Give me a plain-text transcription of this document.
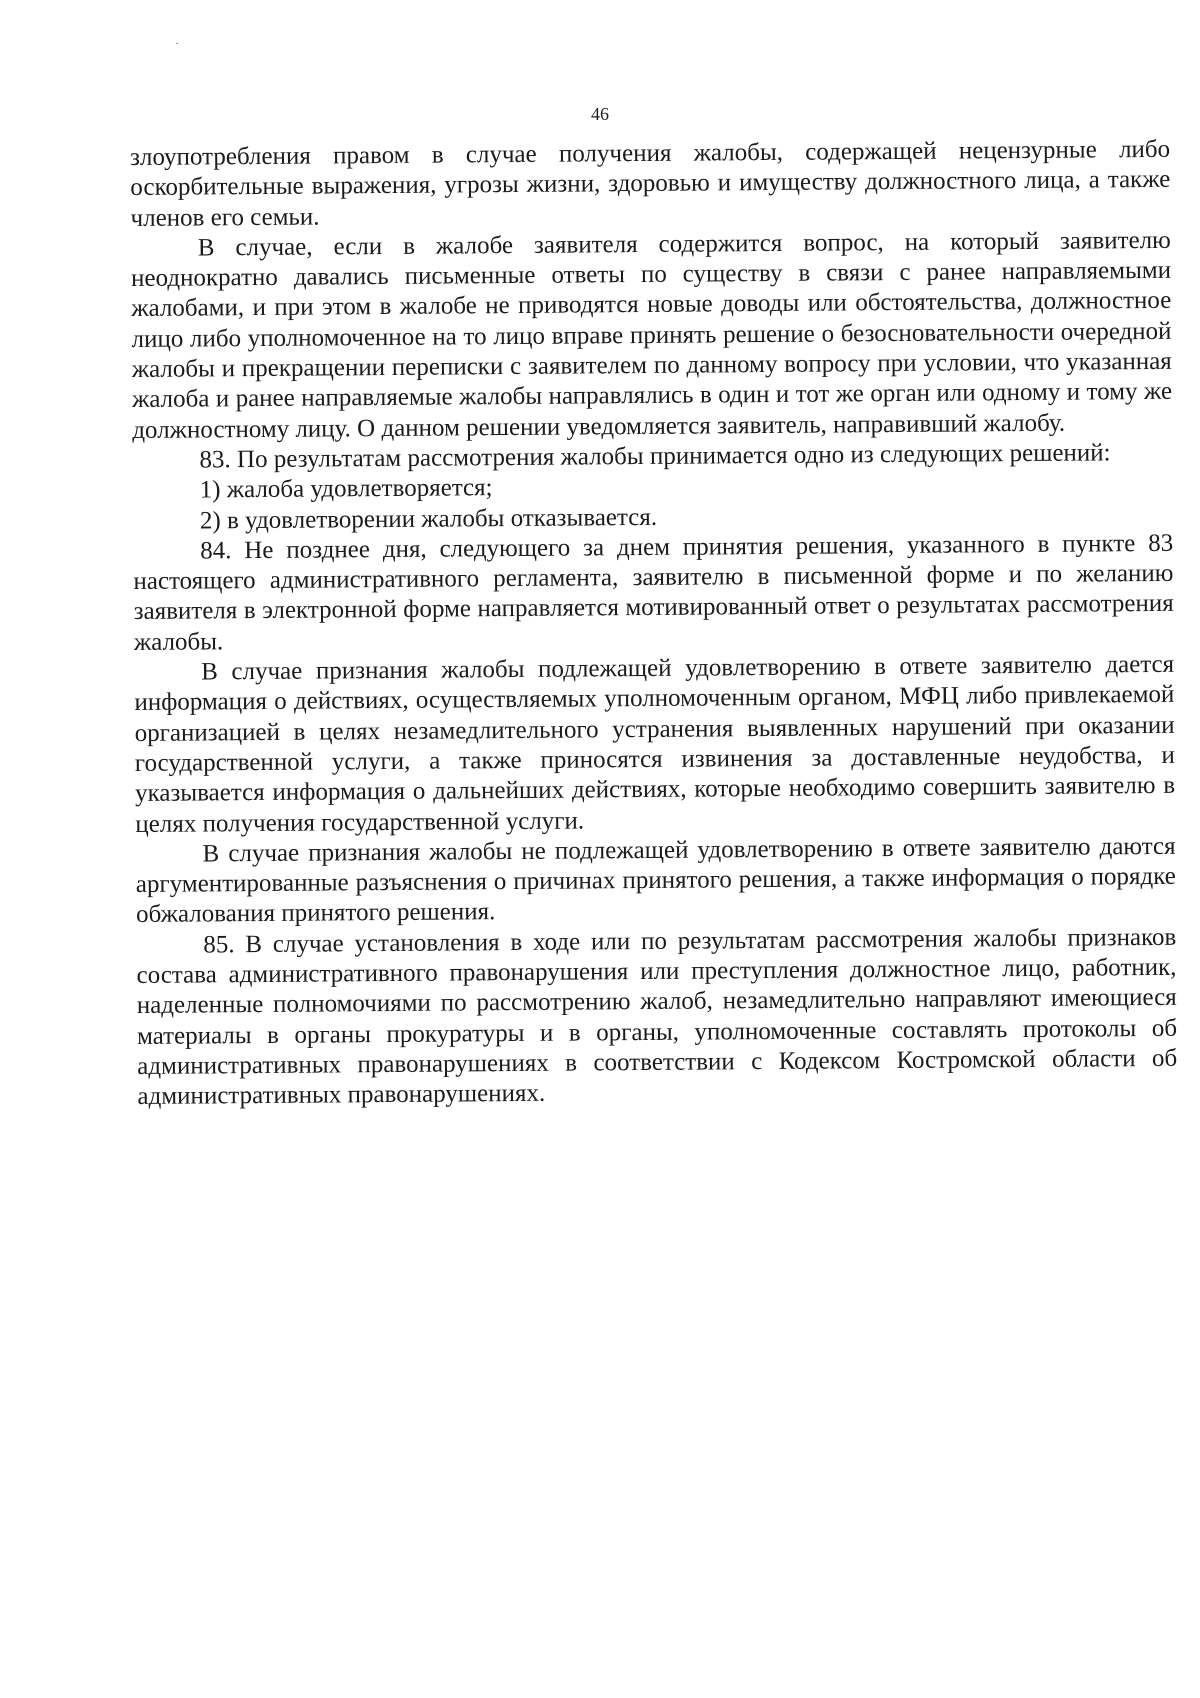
46

злоупотребления правом в случае получения жалобы, содержащей нецензурные либо оскорбительные выражения, угрозы жизни, здоровью и имуществу должностного лица, а также членов его семьи.

В случае, если в жалобе заявителя содержится вопрос, на который заявителю неоднократно давались письменные ответы по существу в связи с ранее направляемыми жалобами, и при этом в жалобе не приводятся новые доводы или обстоятельства, должностное лицо либо уполномоченное на то лицо вправе принять решение о безосновательности очередной жалобы и прекращении переписки с заявителем по данному вопросу при условии, что указанная жалоба и ранее направляемые жалобы направлялись в один и тот же орган или одному и тому же должностному лицу. О данном решении уведомляется заявитель, направивший жалобу.

83. По результатам рассмотрения жалобы принимается одно из следующих решений:

1) жалоба удовлетворяется;

2) в удовлетворении жалобы отказывается.

84. Не позднее дня, следующего за днем принятия решения, указанного в пункте 83 настоящего административного регламента, заявителю в письменной форме и по желанию заявителя в электронной форме направляется мотивированный ответ о результатах рассмотрения жалобы.

В случае признания жалобы подлежащей удовлетворению в ответе заявителю дается информация о действиях, осуществляемых уполномоченным органом, МФЦ либо привлекаемой организацией в целях незамедлительного устранения выявленных нарушений при оказании государственной услуги, а также приносятся извинения за доставленные неудобства, и указывается информация о дальнейших действиях, которые необходимо совершить заявителю в целях получения государственной услуги.

В случае признания жалобы не подлежащей удовлетворению в ответе заявителю даются аргументированные разъяснения о причинах принятого решения, а также информация о порядке обжалования принятого решения.

85. В случае установления в ходе или по результатам рассмотрения жалобы признаков состава административного правонарушения или преступления должностное лицо, работник, наделенные полномочиями по рассмотрению жалоб, незамедлительно направляют имеющиеся материалы в органы прокуратуры и в органы, уполномоченные составлять протоколы об административных правонарушениях в соответствии с Кодексом Костромской области об административных правонарушениях.
